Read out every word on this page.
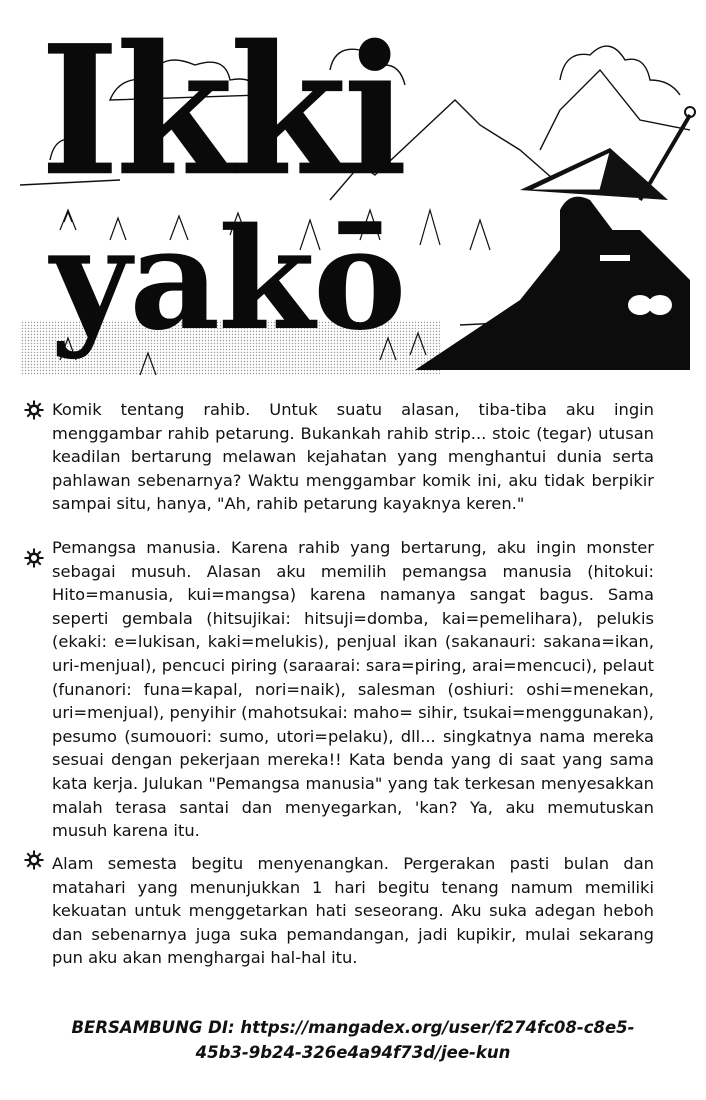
Ikki
yakō
Komik tentang rahib. Untuk suatu alasan, tiba-tiba aku ingin menggambar rahib petarung. Bukankah rahib strip... stoic (tegar) utusan keadilan bertarung melawan kejahatan yang menghantui dunia serta pahlawan sebenarnya? Waktu menggambar komik ini, aku tidak berpikir sampai situ, hanya, "Ah, rahib petarung kayaknya keren."
Pemangsa manusia. Karena rahib yang bertarung, aku ingin monster sebagai musuh. Alasan aku memilih pemangsa manusia (hitokui: Hito=manusia, kui=mangsa) karena namanya sangat bagus. Sama seperti gembala (hitsujikai: hitsuji=domba, kai=pemelihara), pelukis (ekaki: e=lukisan, kaki=melukis), penjual ikan (sakanauri: sakana=ikan, uri-menjual), pencuci piring (saraarai: sara=piring, arai=mencuci), pelaut (funanori: funa=kapal, nori=naik), salesman (oshiuri: oshi=menekan, uri=menjual), penyihir (mahotsukai: maho= sihir, tsukai=menggunakan), pesumo (sumouori: sumo, utori=pelaku), dll... singkatnya nama mereka sesuai dengan pekerjaan mereka!! Kata benda yang di saat yang sama kata kerja. Julukan "Pemangsa manusia" yang tak terkesan menyesakkan malah terasa santai dan menyegarkan, 'kan? Ya, aku memutuskan musuh karena itu.
Alam semesta begitu menyenangkan. Pergerakan pasti bulan dan matahari yang menunjukkan 1 hari begitu tenang namum memiliki kekuatan untuk menggetarkan hati seseorang. Aku suka adegan heboh dan sebenarnya juga suka pemandangan, jadi kupikir, mulai sekarang pun aku akan menghargai hal-hal itu.
BERSAMBUNG DI: https://mangadex.org/user/f274fc08-c8e5-
45b3-9b24-326e4a94f73d/jee-kun
